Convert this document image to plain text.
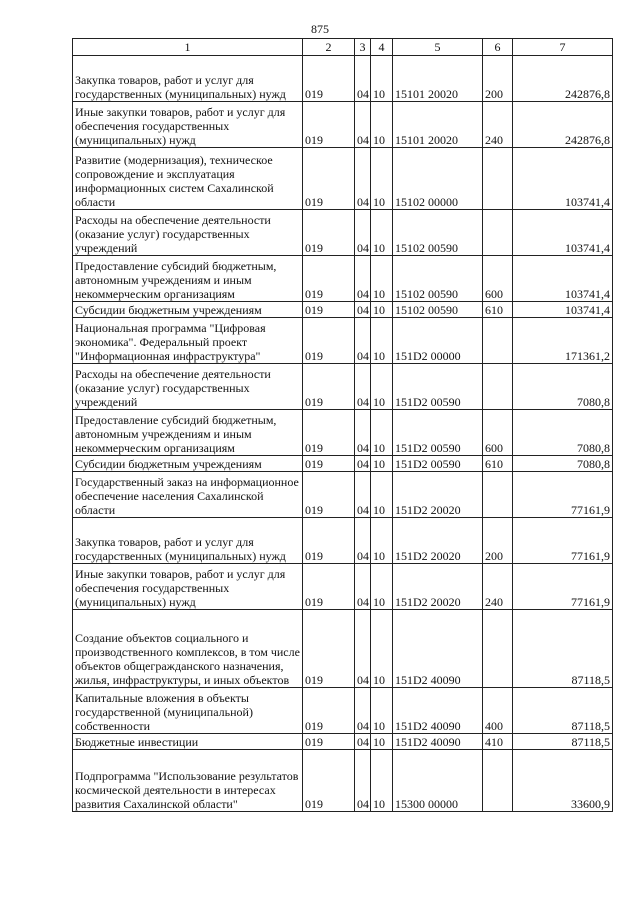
875
1	2	3	4	5	6	7
Закупка товаров, работ и услуг для государственных (муниципальных) нужд	019	04	10	15101 20020	200	242876,8
Иные закупки товаров, работ и услуг для обеспечения государственных (муниципальных) нужд	019	04	10	15101 20020	240	242876,8
Развитие (модернизация), техническое сопровождение и эксплуатация информационных систем Сахалинской области	019	04	10	15102 00000		103741,4
Расходы на обеспечение деятельности (оказание услуг) государственных учреждений	019	04	10	15102 00590		103741,4
Предоставление субсидий бюджетным, автономным учреждениям и иным некоммерческим организациям	019	04	10	15102 00590	600	103741,4
Субсидии бюджетным учреждениям	019	04	10	15102 00590	610	103741,4
Национальная программа "Цифровая экономика". Федеральный проект "Информационная инфраструктура"	019	04	10	151D2 00000		171361,2
Расходы на обеспечение деятельности (оказание услуг) государственных учреждений	019	04	10	151D2 00590		7080,8
Предоставление субсидий бюджетным, автономным учреждениям и иным некоммерческим организациям	019	04	10	151D2 00590	600	7080,8
Субсидии бюджетным учреждениям	019	04	10	151D2 00590	610	7080,8
Государственный заказ на информационное обеспечение населения Сахалинской области	019	04	10	151D2 20020		77161,9
Закупка товаров, работ и услуг для государственных (муниципальных) нужд	019	04	10	151D2 20020	200	77161,9
Иные закупки товаров, работ и услуг для обеспечения государственных (муниципальных) нужд	019	04	10	151D2 20020	240	77161,9
Создание объектов социального и производственного комплексов, в том числе объектов общегражданского назначения, жилья, инфраструктуры, и иных объектов	019	04	10	151D2 40090		87118,5
Капитальные вложения в объекты государственной (муниципальной) собственности	019	04	10	151D2 40090	400	87118,5
Бюджетные инвестиции	019	04	10	151D2 40090	410	87118,5
Подпрограмма "Использование результатов космической деятельности в интересах развития Сахалинской области"	019	04	10	15300 00000		33600,9
